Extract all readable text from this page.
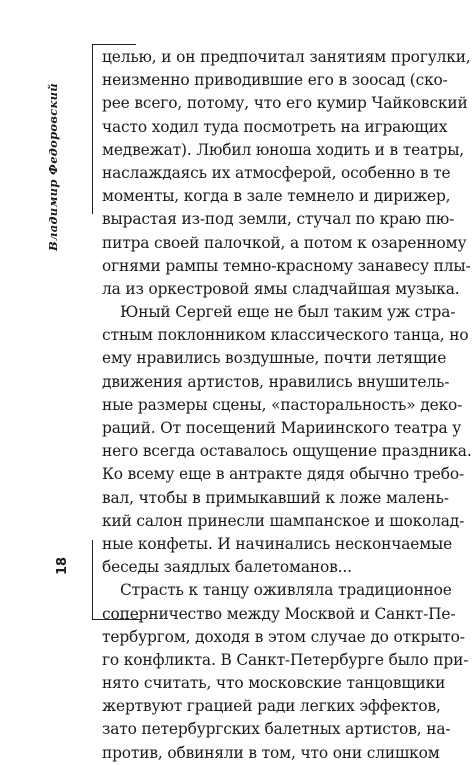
Владимир Федоровский
18
целью, и он предпочитал занятиям прогулки,
неизменно приводившие его в зоосад (ско-
рее всего, потому, что его кумир Чайковский
часто ходил туда посмотреть на играющих
медвежат). Любил юноша ходить и в театры,
наслаждаясь их атмосферой, особенно в те
моменты, когда в зале темнело и дирижер,
вырастая из-под земли, стучал по краю пю-
питра своей палочкой, а потом к озаренному
огнями рампы темно-красному занавесу плы-
ла из оркестровой ямы сладчайшая музыка.
Юный Сергей еще не был таким уж стра-
стным поклонником классического танца, но
ему нравились воздушные, почти летящие
движения артистов, нравились внушитель-
ные размеры сцены, «пасторальность» деко-
раций. От посещений Мариинского театра у
него всегда оставалось ощущение праздника.
Ко всему еще в антракте дядя обычно требо-
вал, чтобы в примыкавший к ложе малень-
кий салон принесли шампанское и шоколад-
ные конфеты. И начинались нескончаемые
беседы заядлых балетоманов...
Страсть к танцу оживляла традиционное
соперничество между Москвой и Санкт-Пе-
тербургом, доходя в этом случае до открыто-
го конфликта. В Санкт-Петербурге было при-
нято считать, что московские танцовщики
жертвуют грацией ради легких эффектов,
зато петербургских балетных артистов, на-
против, обвиняли в том, что они слишком
